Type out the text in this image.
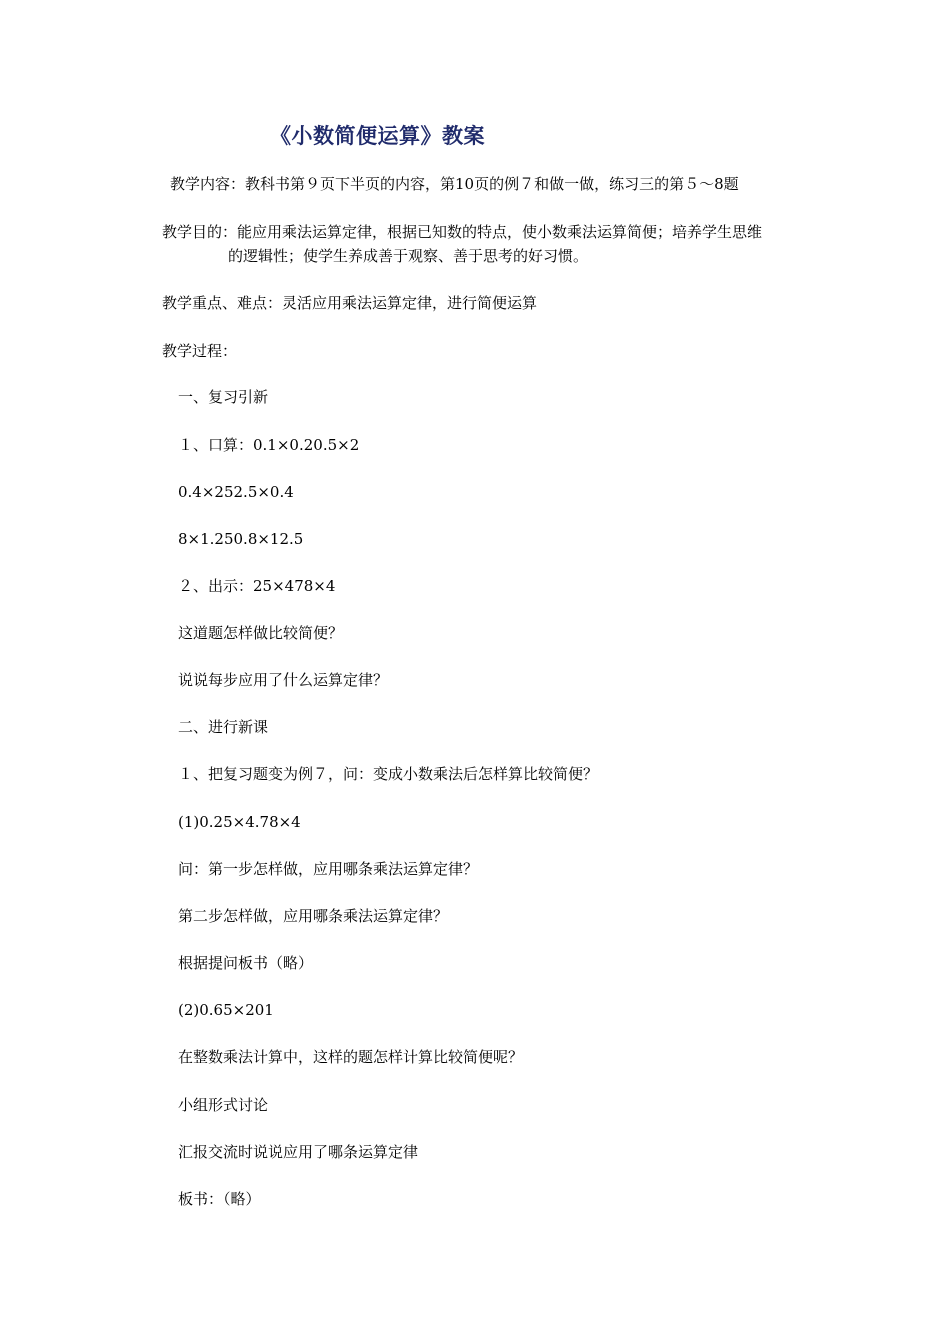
《小数简便运算》教案
教学内容：教科书第９页下半页的内容，第10页的例７和做一做，练习三的第５～8题
教学目的：能应用乘法运算定律，根据已知数的特点，使小数乘法运算简便；培养学生思维
的逻辑性；使学生养成善于观察、善于思考的好习惯。
教学重点、难点：灵活应用乘法运算定律，进行简便运算
教学过程：
一、复习引新
１、口算：0.1×0.20.5×2
0.4×252.5×0.4
8×1.250.8×12.5
２、出示：25×478×4
这道题怎样做比较简便？
说说每步应用了什么运算定律？
二、进行新课
１、把复习题变为例７，问：变成小数乘法后怎样算比较简便？
(1)0.25×4.78×4
问：第一步怎样做，应用哪条乘法运算定律？
第二步怎样做，应用哪条乘法运算定律？
根据提问板书（略）
(2)0.65×201
在整数乘法计算中，这样的题怎样计算比较简便呢？
小组形式讨论
汇报交流时说说应用了哪条运算定律
板书：（略）
